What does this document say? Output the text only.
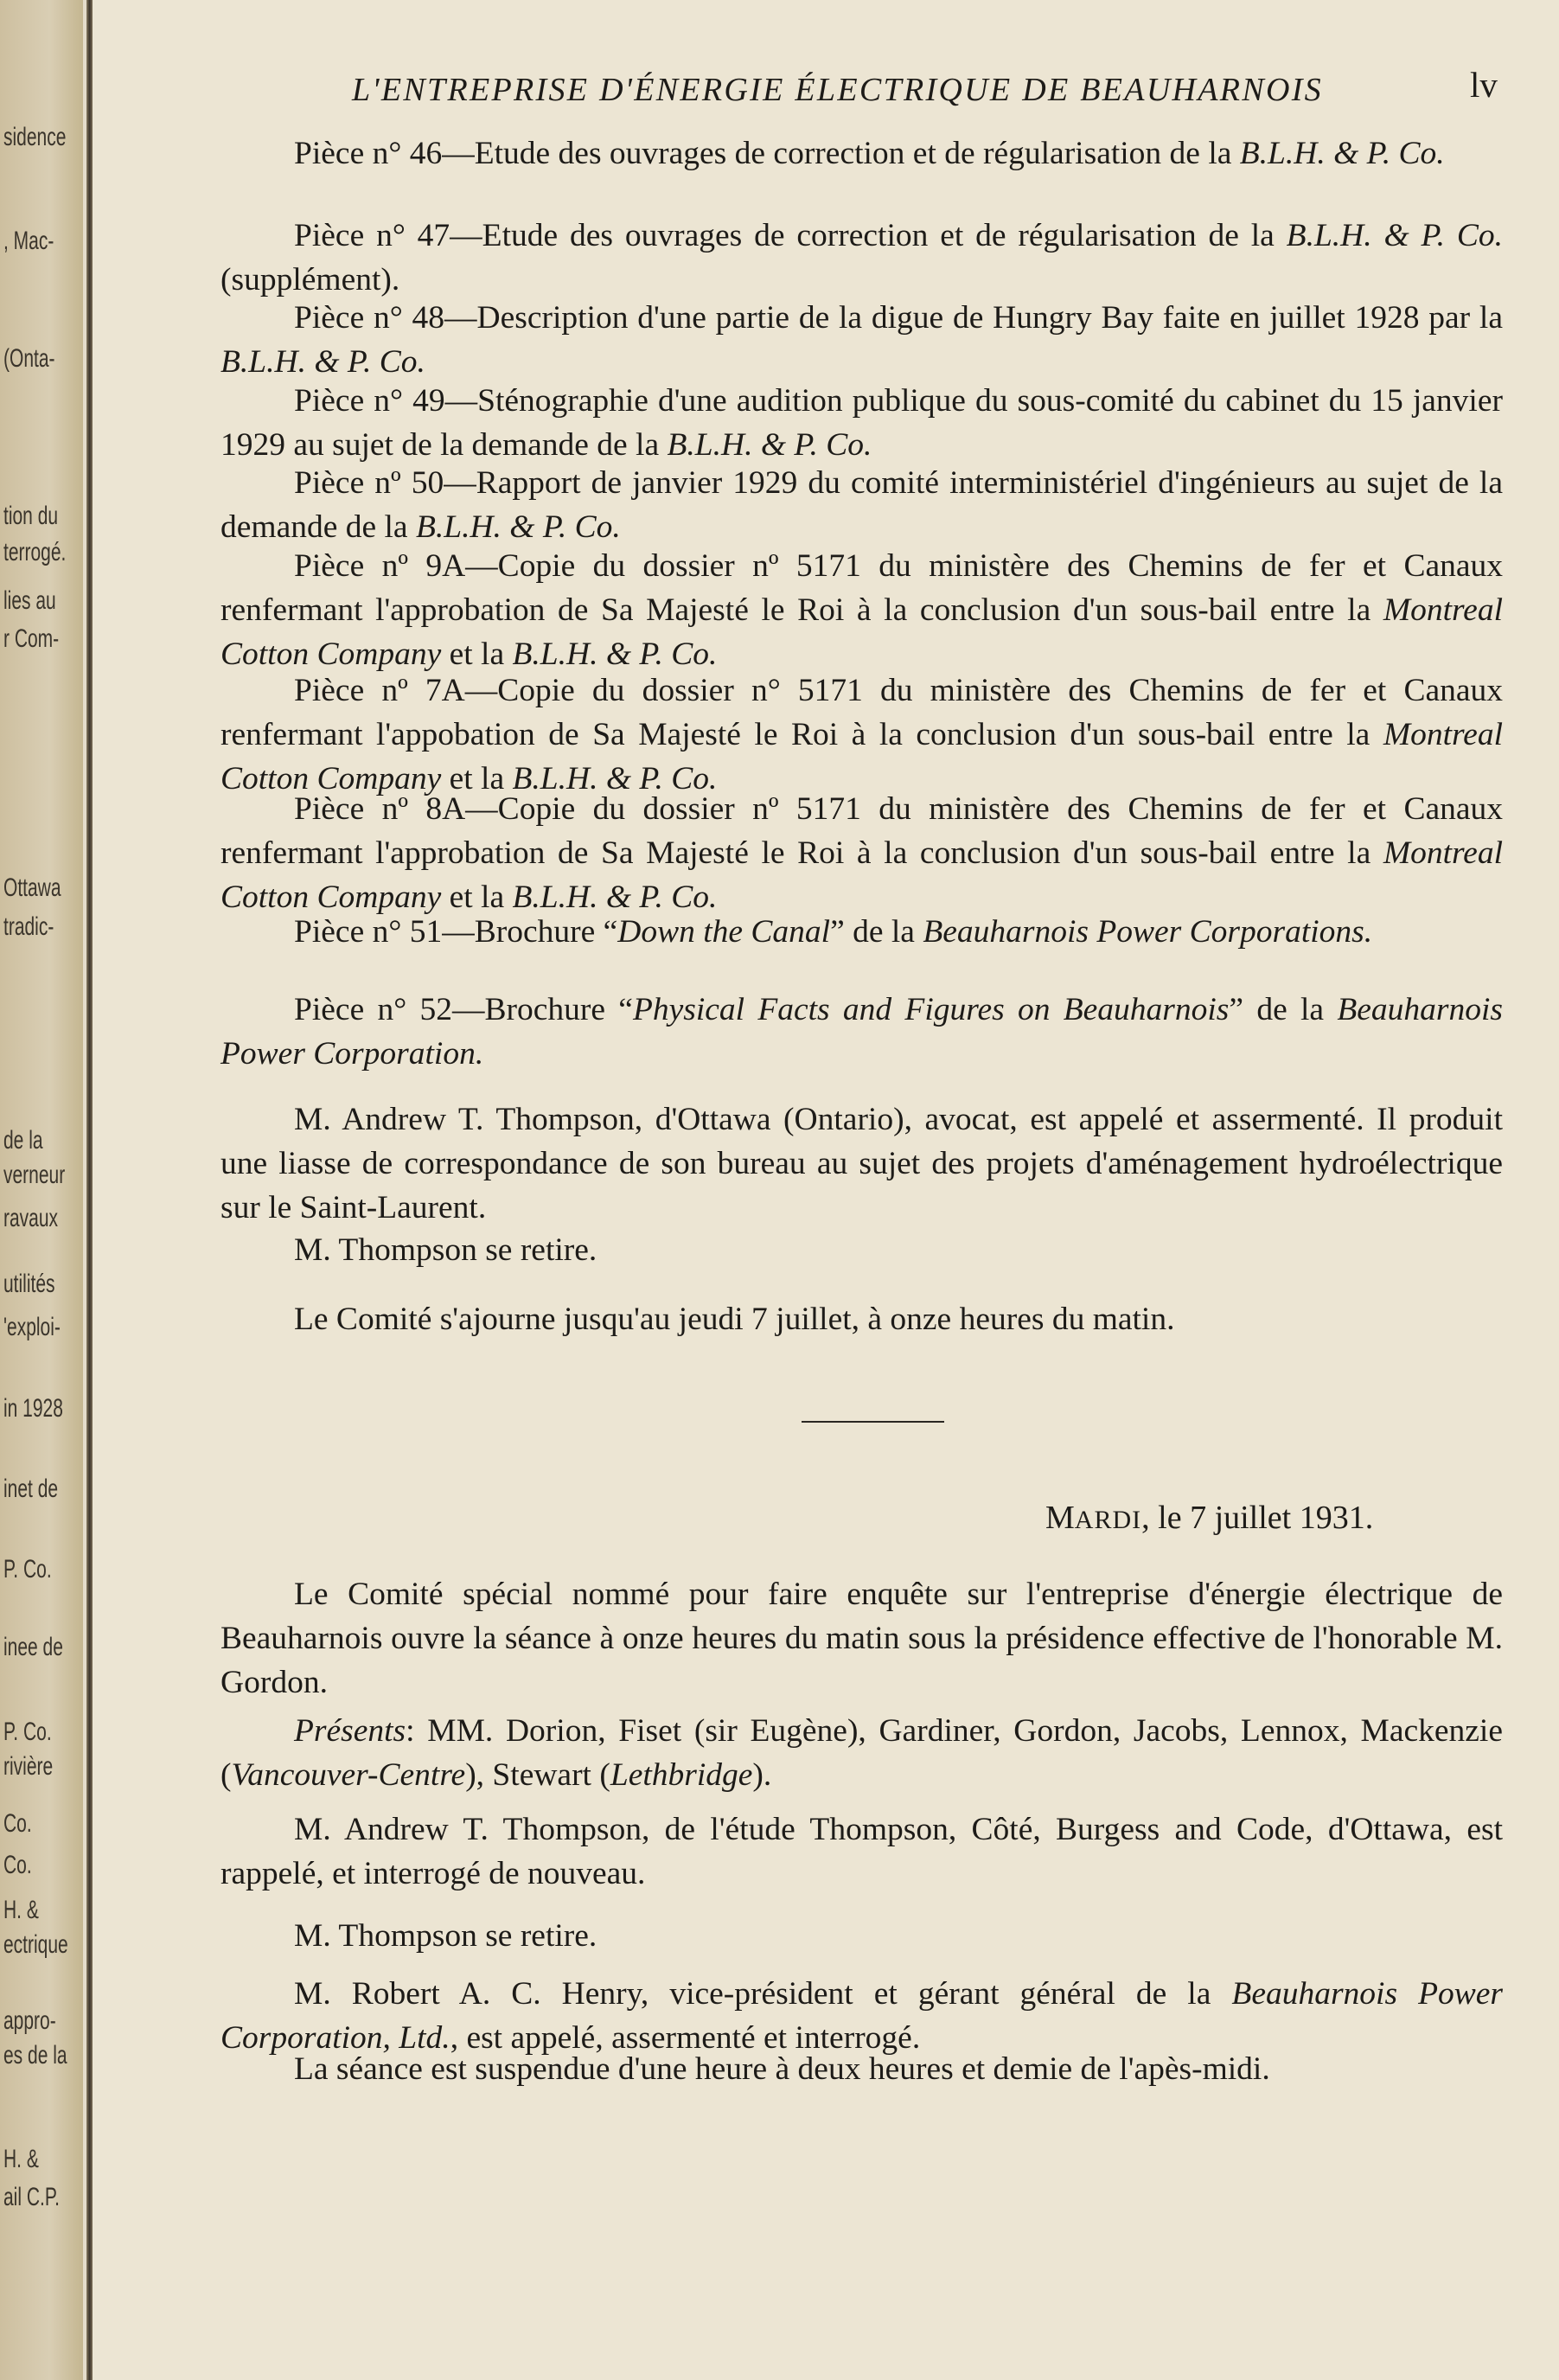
sidence
, Mac-
(Onta-
tion du
terrogé.
lies au
r Com-
Ottawa
tradic-
de la
verneur
ravaux
utilités
'exploi-
in 1928
inet de
P. Co.
inee de
P. Co.
rivière
Co.
Co.
H. &
ectrique
appro-
es de la
H. &
ail C.P.
L'ENTREPRISE D'ÉNERGIE ÉLECTRIQUE DE BEAUHARNOIS	lv
MARDI, le 7 juillet 1931.

Pièce n° 46—Etude des ouvrages de correction et de régularisation de la B.L.H. & P. Co.

Pièce n° 47—Etude des ouvrages de correction et de régularisation de la B.L.H. & P. Co. (supplément).

Pièce n° 48—Description d'une partie de la digue de Hungry Bay faite en juillet 1928 par la B.L.H. & P. Co.

Pièce n° 49—Sténographie d'une audition publique du sous-comité du cabinet du 15 janvier 1929 au sujet de la demande de la B.L.H. & P. Co.

Pièce nº 50—Rapport de janvier 1929 du comité interministériel d'ingénieurs au sujet de la demande de la B.L.H. & P. Co.

Pièce nº 9A—Copie du dossier nº 5171 du ministère des Chemins de fer et Canaux renfermant l'approbation de Sa Majesté le Roi à la conclusion d'un sous-bail entre la Montreal Cotton Company et la B.L.H. & P. Co.

Pièce nº 7A—Copie du dossier n° 5171 du ministère des Chemins de fer et Canaux renfermant l'appobation de Sa Majesté le Roi à la conclusion d'un sous-bail entre la Montreal Cotton Company et la B.L.H. & P. Co.

Pièce nº 8A—Copie du dossier nº 5171 du ministère des Chemins de fer et Canaux renfermant l'approbation de Sa Majesté le Roi à la conclusion d'un sous-bail entre la Montreal Cotton Company et la B.L.H. & P. Co.

Pièce n° 51—Brochure “Down the Canal” de la Beauharnois Power Corporations.

Pièce n° 52—Brochure “Physical Facts and Figures on Beauharnois” de la Beauharnois Power Corporation.

M. Andrew T. Thompson, d'Ottawa (Ontario), avocat, est appelé et assermenté. Il produit une liasse de correspondance de son bureau au sujet des projets d'aménagement hydroélectrique sur le Saint-Laurent.

M. Thompson se retire.

Le Comité s'ajourne jusqu'au jeudi 7 juillet, à onze heures du matin.

Le Comité spécial nommé pour faire enquête sur l'entreprise d'énergie électrique de Beauharnois ouvre la séance à onze heures du matin sous la présidence effective de l'honorable M. Gordon.

Présents: MM. Dorion, Fiset (sir Eugène), Gardiner, Gordon, Jacobs, Lennox, Mackenzie (Vancouver-Centre), Stewart (Lethbridge).

M. Andrew T. Thompson, de l'étude Thompson, Côté, Burgess and Code, d'Ottawa, est rappelé, et interrogé de nouveau.

M. Thompson se retire.

M. Robert A. C. Henry, vice-président et gérant général de la Beauharnois Power Corporation, Ltd., est appelé, assermenté et interrogé.

La séance est suspendue d'une heure à deux heures et demie de l'apès-midi.
